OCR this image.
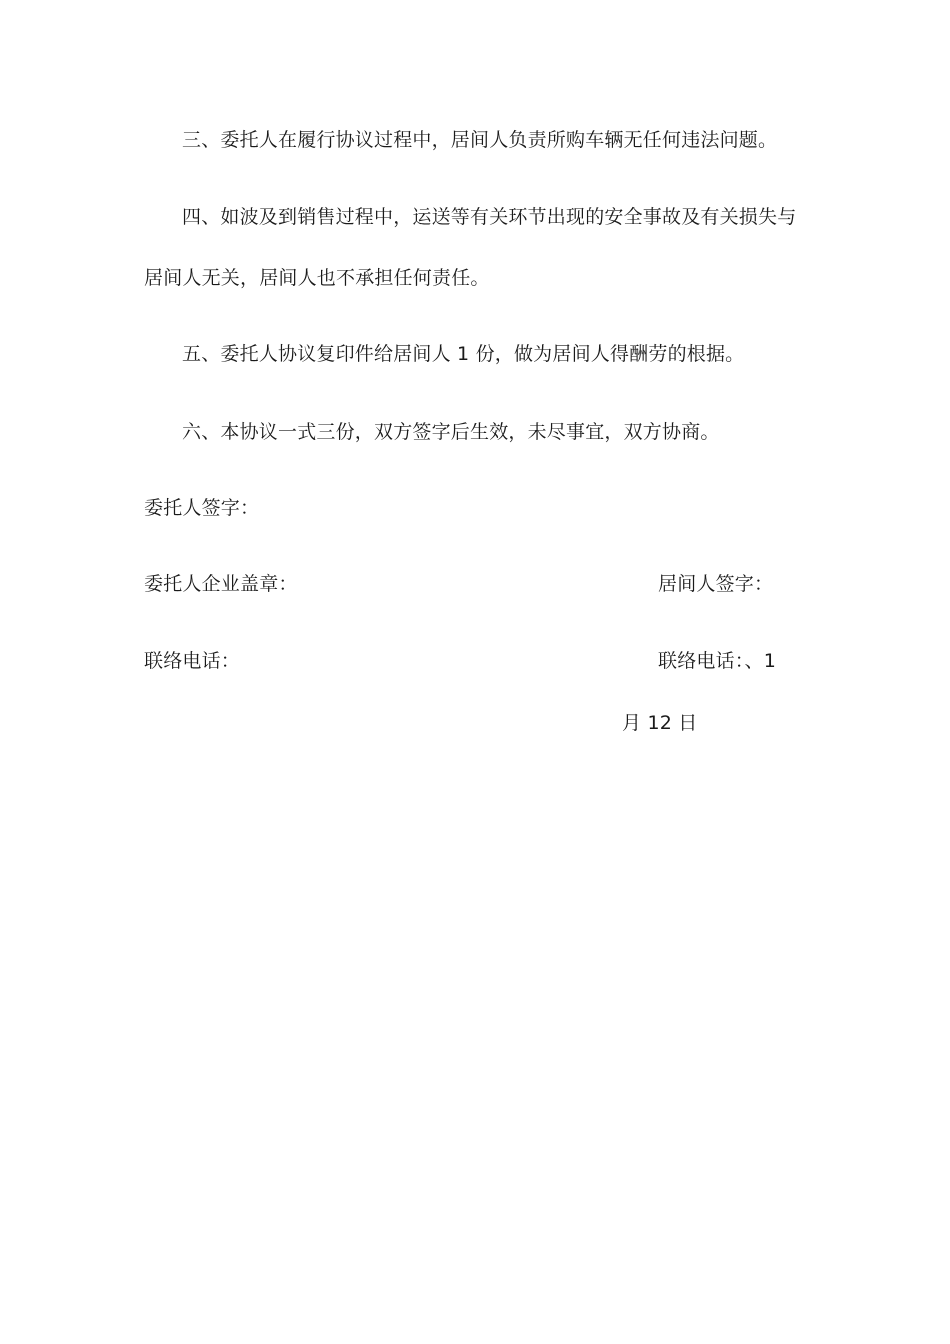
三、委托人在履行协议过程中，居间人负责所购车辆无任何违法问题。
四、如波及到销售过程中，运送等有关环节出现的安全事故及有关损失与
居间人无关，居间人也不承担任何责任。
五、委托人协议复印件给居间人 1 份，做为居间人得酬劳的根据。
六、本协议一式三份，双方签字后生效，未尽事宜，双方协商。
委托人签字：
委托人企业盖章：	居间人签字：
联络电话：	联络电话：、1
月 12 日
